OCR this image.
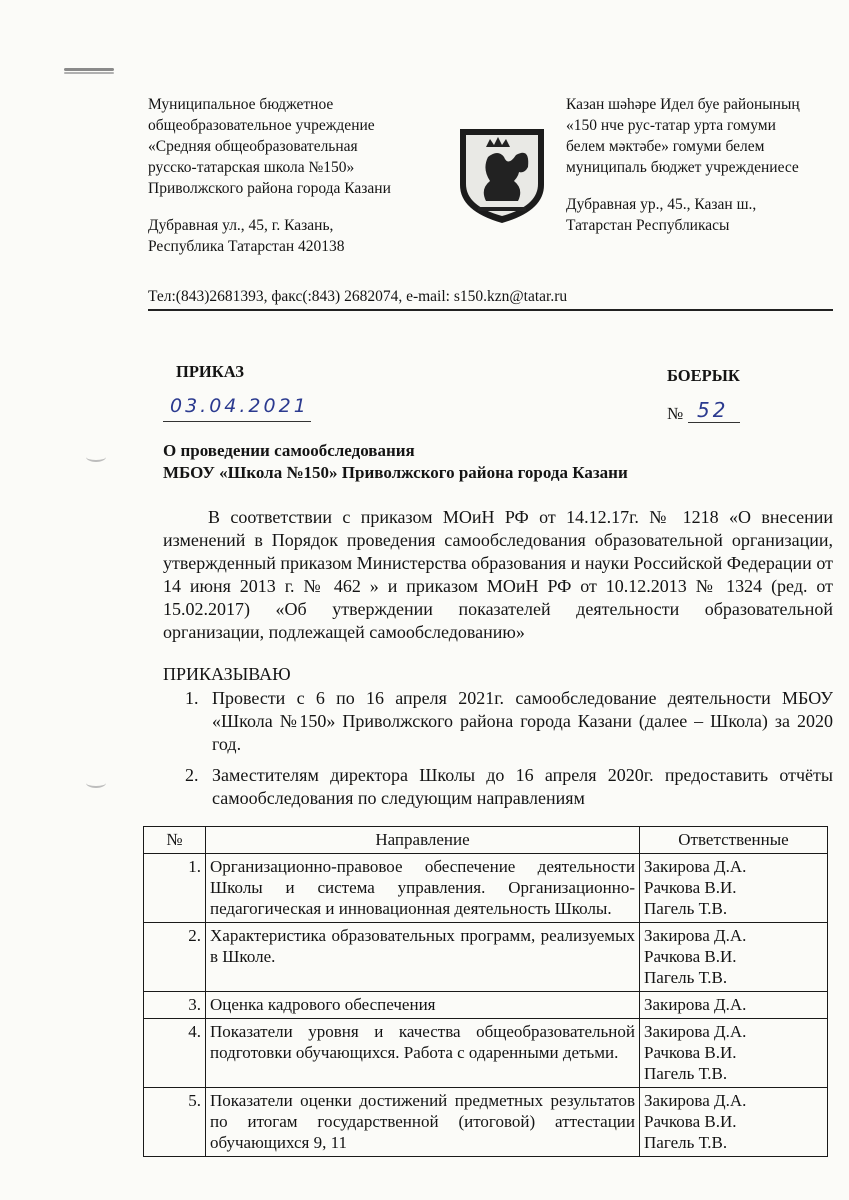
Муниципальное бюджетное
общеобразовательное учреждение
«Средняя общеобразовательная
русско-татарская школа №150»
Приволжского района города Казани
Дубравная ул., 45, г. Казань,
Республика Татарстан 420138
Казан шәһәре Идел буе районының
«150 нче рус-татар урта гомуми
белем мәктәбе» гомуми белем
муниципаль бюджет учреждениесе
Дубравная ур., 45., Казан ш.,
Татарстан Республикасы
Тел:(843)2681393, факс(:843) 2682074, e-mail: s150.kzn@tatar.ru
ПРИКАЗ	БОЕРЫК
03.04.2021	№ 52
О проведении самообследования
МБОУ «Школа №150» Приволжского района города Казани

В соответствии с приказом МОиН РФ от 14.12.17г. № 1218 «О внесении изменений в Порядок проведения самообследования образовательной организации, утвержденный приказом Министерства образования и науки Российской Федерации от 14 июня 2013 г. № 462 » и приказом МОиН РФ от 10.12.2013 № 1324 (ред. от 15.02.2017) «Об утверждении показателей деятельности образовательной организации, подлежащей самообследованию»

ПРИКАЗЫВАЮ
1. Провести с 6 по 16 апреля 2021г. самообследование деятельности МБОУ «Школа №150» Приволжского района города Казани (далее – Школа) за 2020 год.
2. Заместителям директора Школы до 16 апреля 2020г. предоставить отчёты самообследования по следующим направлениям
№	Направление	Ответственные
1.	Организационно-правовое обеспечение деятельности Школы и система управления. Организационно-педагогическая и инновационная деятельность Школы.	Закирова Д.А.
Рачкова В.И.
Пагель Т.В.

2.	Характеристика образовательных программ, реализуемых в Школе.	Закирова Д.А.
Рачкова В.И.
Пагель Т.В.

3.	Оценка кадрового обеспечения	Закирова Д.А.

4.	Показатели уровня и качества общеобразовательной подготовки обучающихся. Работа с одаренными детьми.	Закирова Д.А.
Рачкова В.И.
Пагель Т.В.

5.	Показатели оценки достижений предметных результатов по итогам государственной (итоговой) аттестации обучающихся 9, 11	Закирова Д.А.
Рачкова В.И.
Пагель Т.В.
